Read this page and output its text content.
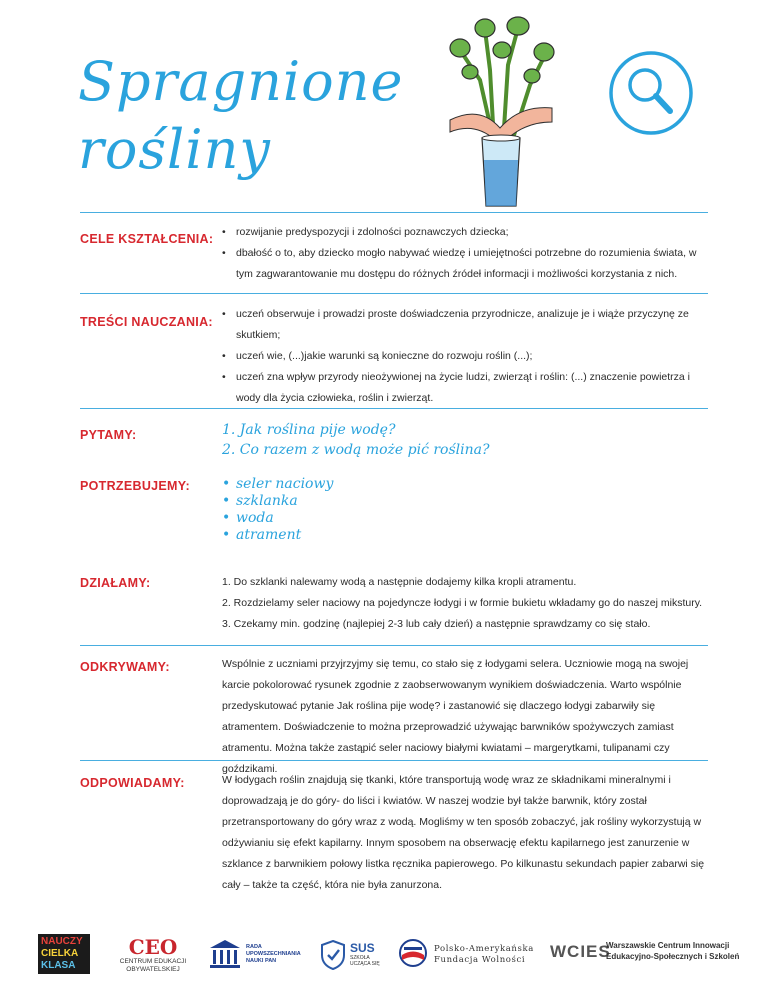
Spragnione
rośliny
CELE KSZTAŁCENIA:	• rozwijanie predyspozycji i zdolności poznawczych dziecka;
• dbałość o to, aby dziecko mogło nabywać wiedzę i umiejętności potrzebne do rozumienia świata, w tym zagwarantowanie mu dostępu do różnych źródeł informacji i możliwości korzystania z nich.
TREŚCI NAUCZANIA:
• uczeń obserwuje i prowadzi proste doświadczenia przyrodnicze, analizuje je i wiąże przyczynę ze skutkiem;
• uczeń wie, (...)jakie warunki są konieczne do rozwoju roślin (...);
• uczeń zna wpływ przyrody nieożywionej na życie ludzi, zwierząt i roślin: (...) znaczenie powietrza i wody dla życia człowieka, roślin i zwierząt.
PYTAMY:	1. Jak roślina pije wodę?
2. Co razem z wodą może pić roślina?
POTRZEBUJEMY:	• seler naciowy
• szklanka
• woda
• atrament
DZIAŁAMY:	1. Do szklanki nalewamy wodą a następnie dodajemy kilka kropli atramentu.
2. Rozdzielamy seler naciowy na pojedyncze łodygi i w formie bukietu wkładamy go do naszej mikstury.
3. Czekamy min. godzinę (najlepiej 2-3 lub cały dzień) a następnie sprawdzamy co się stało.
ODKRYWAMY:	Wspólnie z uczniami przyjrzyjmy się temu, co stało się z łodygami selera. Uczniowie mogą na swojej karcie pokolorować rysunek zgodnie z zaobserwowanym wynikiem doświadczenia. Warto wspólnie przedyskutować pytanie Jak roślina pije wodę? i zastanowić się dlaczego łodygi zabarwiły się atramentem. Doświadczenie to można przeprowadzić używając barwników spożywczych zamiast atramentu. Można także zastąpić seler naciowy białymi kwiatami – margerytkami, tulipanami czy goździkami.

ODPOWIADAMY:	W łodygach roślin znajdują się tkanki, które transportują wodę wraz ze składnikami mineralnymi i doprowadzają je do góry- do liści i kwiatów. W naszej wodzie był także barwnik, który został przetransportowany do góry wraz z wodą. Mogliśmy w ten sposób zobaczyć, jak rośliny wykorzystują w odżywianiu się efekt kapilarny. Innym sposobem na obserwację efektu kapilarnego jest zanurzenie w szklance z barwnikiem połowy listka ręcznika papierowego. Po kilkunastu sekundach papier zabarwi się cały – także ta część, która nie była zanurzona.

NAUCZY
CIELKA
KLASA
CEO
CENTRUM EDUKACJI
OBYWATELSKIEJ
RADA
UPOWSZECHNIANIA
NAUKI PAN
SUS
SZKOŁA
UCZĄCA SIĘ
Polsko-Amerykańska
Fundacja Wolności	WCIES
Warszawskie Centrum Innowacji
Edukacyjno-Społecznych i Szkoleń
